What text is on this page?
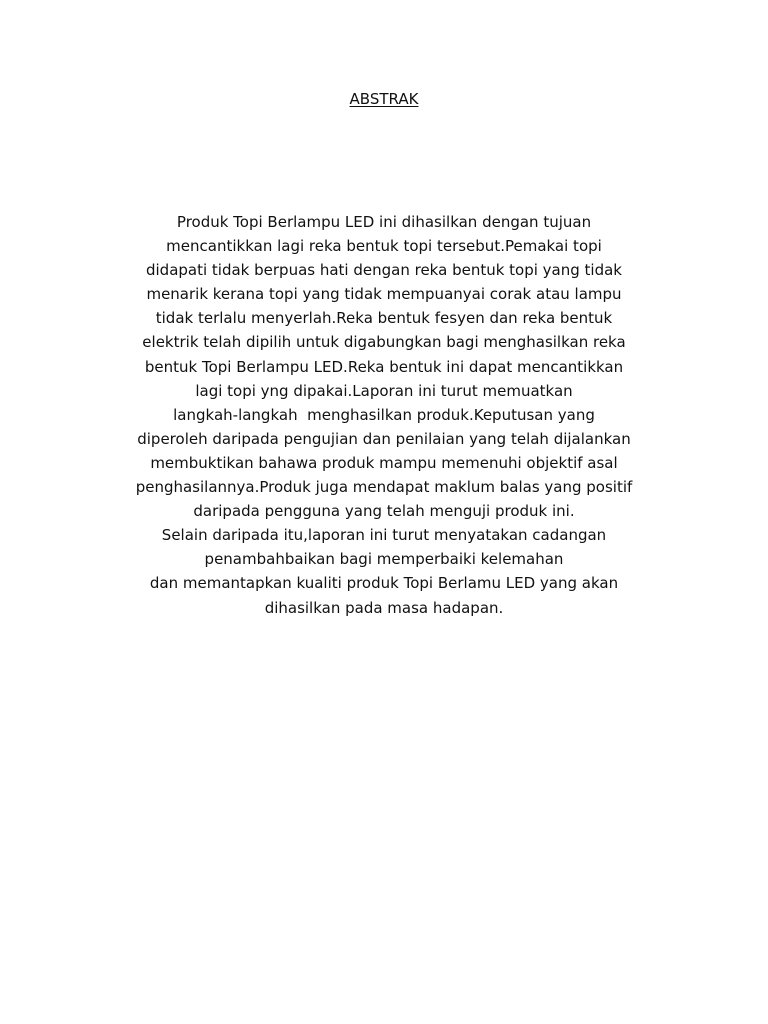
ABSTRAK
Produk Topi Berlampu LED ini dihasilkan dengan tujuan
mencantikkan lagi reka bentuk topi tersebut.Pemakai topi
didapati tidak berpuas hati dengan reka bentuk topi yang tidak
menarik kerana topi yang tidak mempuanyai corak atau lampu
tidak terlalu menyerlah.Reka bentuk fesyen dan reka bentuk
elektrik telah dipilih untuk digabungkan bagi menghasilkan reka
bentuk Topi Berlampu LED.Reka bentuk ini dapat mencantikkan
lagi topi yng dipakai.Laporan ini turut memuatkan
langkah-langkah  menghasilkan produk.Keputusan yang
diperoleh daripada pengujian dan penilaian yang telah dijalankan
membuktikan bahawa produk mampu memenuhi objektif asal
penghasilannya.Produk juga mendapat maklum balas yang positif
daripada pengguna yang telah menguji produk ini.
Selain daripada itu,laporan ini turut menyatakan cadangan
penambahbaikan bagi memperbaiki kelemahan
dan memantapkan kualiti produk Topi Berlamu LED yang akan
dihasilkan pada masa hadapan.
